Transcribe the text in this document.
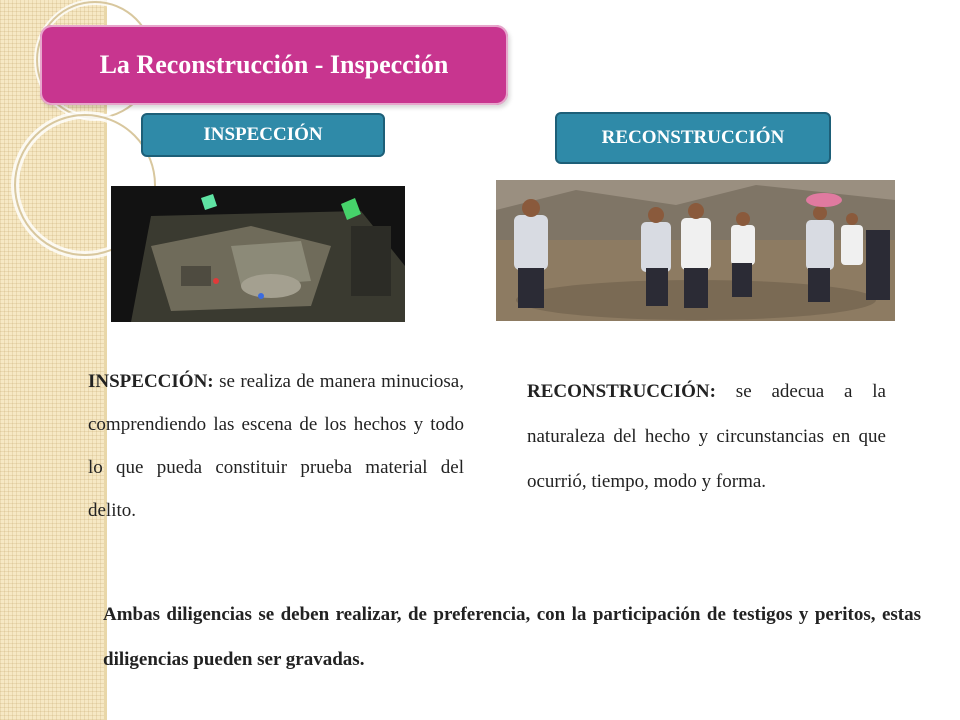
La Reconstrucción - Inspección
INSPECCIÓN	RECONSTRUCCIÓN
INSPECCIÓN: se realiza de manera minuciosa, comprendiendo las escena de los hechos y todo lo que pueda constituir prueba material del delito.
RECONSTRUCCIÓN: se adecua a la naturaleza del hecho y circunstancias en que ocurrió, tiempo, modo y forma.
Ambas diligencias se deben realizar, de preferencia, con la participación de testigos y peritos, estas diligencias pueden ser gravadas.
